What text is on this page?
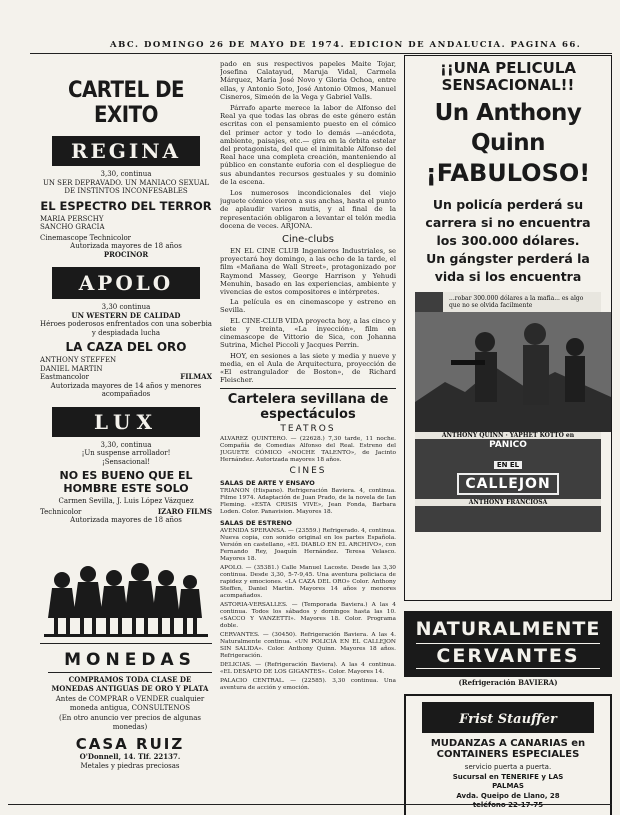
ABC. DOMINGO 26 DE MAYO DE 1974. EDICION DE ANDALUCIA. PAGINA 66.
CARTEL DE EXITO
REGINA
3,30, continua
UN SER DEPRAVADO. UN MANIACO SEXUAL DE INSTINTOS INCONFESABLES
EL ESPECTRO DEL TERROR
MARIA PERSCHY
SANCHO GRACIA
Cinemascope Technicolor
Autorizada mayores de 18 años
PROCINOR
APOLO
3,30 continua
UN WESTERN DE CALIDAD
Héroes poderosos enfrentados con una soberbia y despiadada lucha
LA CAZA DEL ORO
ANTHONY STEFFEN
DANIEL MARTIN
Eastmancolor	FILMAX
Autorizada mayores de 14 años y menores acompañados
LUX
3,30, continua
¡Un suspense arrollador!
¡Sensacional!
NO ES BUENO QUE EL
HOMBRE ESTE SOLO
Carmen Sevilla, J. Luis López Vázquez
Technicolor	IZARO FILMS
Autorizada mayores de 18 años
MONEDAS
COMPRAMOS TODA CLASE DE MONEDAS ANTIGUAS DE ORO Y PLATA
Antes de COMPRAR o VENDER cualquier moneda antigua, CONSULTENOS
(En otro anuncio ver precios de algunas monedas)
CASA RUIZ
O'Donnell, 14. Tlf. 22137.
Metales y piedras preciosas

pado en sus respectivos papeles Maite Tojar, Josefina Calatayud, Maruja Vidal, Carmela Márquez, María José Novo y Gloria Ochoa, entre ellas, y Antonio Soto, José Antonio Olmos, Manuel Cisneros, Simeón de la Vega y Gabriel Valls.

Párrafo aparte merece la labor de Alfonso del Real ya que todas las obras de este género están escritas con el pensamiento puesto en el cómico del primer actor y todo lo demás —anécdota, ambiente, paisajes, etc.— gira en la órbita estelar del protagonista, del que el inimitable Alfonso del Real hace una completa creación, manteniendo al público en constante euforia con el despliegue de sus abundantes recursos gestuales y su dominio de la escena.

Los numerosos incondicionales del viejo juguete cómico vieron a sus anchas, hasta el punto de aplaudir varios mutis, y al final de la representación obligaron a levantar el telón media docena de veces. ARJONA.

Cine-clubs

EN EL CINE CLUB Ingenieros Industriales, se proyectará hoy domingo, a las ocho de la tarde, el film «Mañana de Wall Street», protagonizado por Raymond Massey, George Harrison y Yehudi Menuhin, basado en las experiencias, ambiente y vivencias de estos compositores e intérpretes.

La película es en cinemascope y estreno en Sevilla.

EL CINE-CLUB VIDA proyecta hoy, a las cinco y siete y treinta, «La inyección», film en cinemascope de Vittorio de Sica, con Johanna Sutrina, Michel Piccoli y Jacques Perrin.

HOY, en sesiones a las siete y media y nueve y media, en el Aula de Arquitectura, proyección de «El estrangulador de Boston», de Richard Fleischer.

Cartelera sevillana de espectáculos
TEATROS
ALVAREZ QUINTERO. — (22628.) 7,30 tarde, 11 noche. Compañía de Comedias Alfonso del Real. Estreno del JUGUETE CÓMICO «NOCHE TALENTO», de Jacinto Hernández. Autorizada mayores 18 años.
CINES
SALAS DE ARTE Y ENSAYO
TRIANON (Hispano). Refrigeración Baviera. 4, continua. Filme 1974. Adaptación de Juan Prado, de la novela de Ian Fleming. «ESTA CRISIS VIVE», Jean Fonda, Barbara Loden. Color. Panavision. Mayores 18.
SALAS DE ESTRENO
AVENIDA SPERANSA. — (23559.) Refrigerado. 4, continua. Nueva copia, con sonido original en los partes Española. Versión en castellano, «EL DIABLO EN EL ARCHIVO», con Fernando Rey, Joaquín Hernández. Teresa Velasco. Mayores 18.
APOLO. — (35381.) Calle Manuel Lacoste. Desde las 3,30 continua. Desde 3,30, 5-7-9,45. Una aventura policiaca de rapidez y emociones. «LA CAZA DEL ORO» Color. Anthony Steffen, Daniel Martin. Mayores 14 años y menores acompañados.
ASTORIA-VERSALLES. — (Temporada Baviera.) A las 4 continua. Todos los sábados y domingos hasta las 10. «SACCO Y VANZETTI». Mayores 18. Color. Programa doble.
CERVANTES. — (30450). Refrigeración Baviera. A las 4. Naturalmente continua. «UN POLICIA EN EL CALLEJON SIN SALIDA». Color. Anthony Quinn. Mayores 18 años. Refrigeración.
DELICIAS. — (Refrigeración Baviera). A las 4 continua. «EL DESAFIO DE LOS GIGANTES». Color. Mayores 14.
PALACIO CENTRAL. — (22585). 3,30 continua. Una aventura de acción y emoción.
¡¡UNA PELICULA
SENSACIONAL!!
Un Anthony Quinn
¡FABULOSO!
Un policía perderá su
carrera si no encuentra
los 300.000 dólares.
Un gángster perderá la
vida si los encuentra
...robar 300.000 dólares a la mafia... es algo que no se olvida facilmente
ANTHONY QUINN · YAPHET KOTTO en
PANICO
EN EL
CALLEJON
ANTHONY FRANCIOSA
NATURALMENTE
CERVANTES
(Refrigeración BAVIERA)
Frist Stauffer
MUDANZAS A CANARIAS en
CONTAINERS ESPECIALES
servicio puerta a puerta.
Sucursal en TENERIFE y LAS
PALMAS
Avda. Queipo de Llano, 28
